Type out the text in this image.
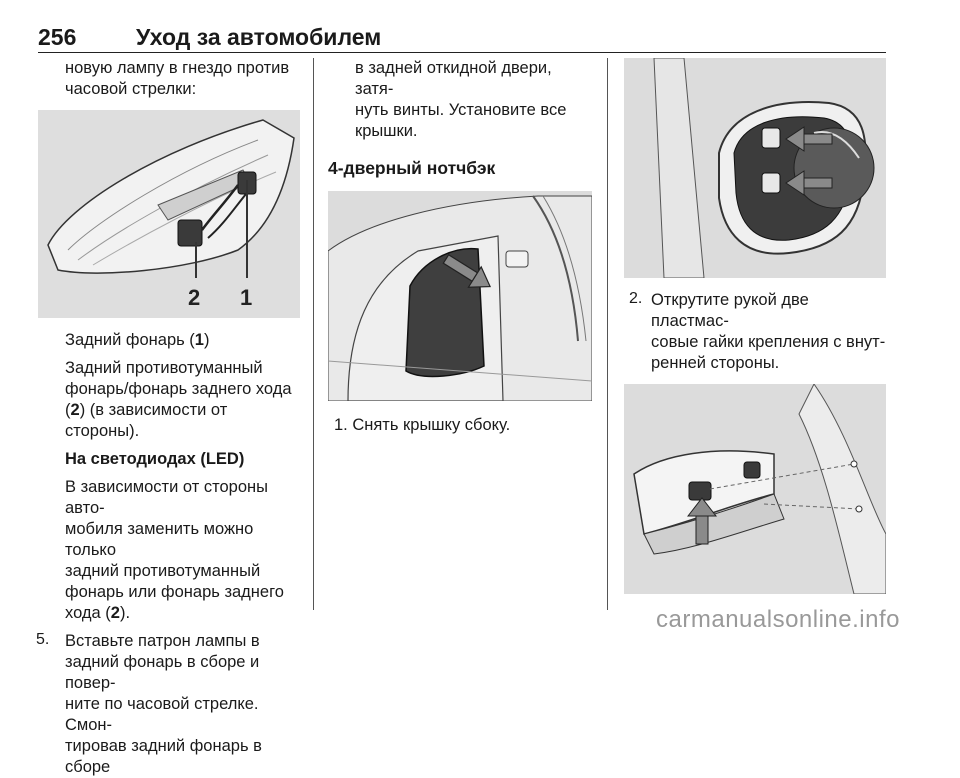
256	Уход за автомобилем

новую лампу в гнездо против

часовой стрелки:

2 1

Задний фонарь (1)

Задний противотуманный

фонарь/фонарь заднего хода

(2) (в зависимости от стороны).

На светодиодах (LED)

В зависимости от стороны авто-

мобиля заменить можно только

задний противотуманный

фонарь или фонарь заднего

хода (2).

5. Вставьте патрон лампы в

задний фонарь в сборе и повер-

ните по часовой стрелке. Смон-

тировав задний фонарь в сборе

в задней откидной двери, затя-

нуть винты. Установите все

крышки.

4-дверный нотчбэк

1. Снять крышку сбоку.

2. Открутите рукой две пластмас-

совые гайки крепления с внут-

ренней стороны.

carmanualsonline.info
